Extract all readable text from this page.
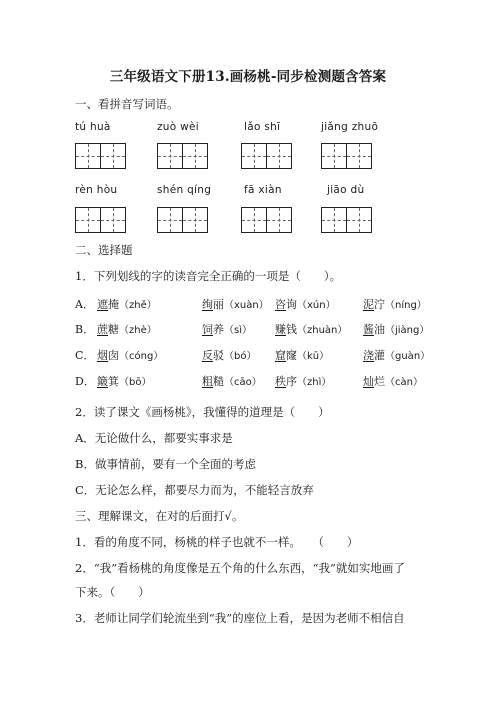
三年级语文下册13.画杨桃-同步检测题含答案
一、看拼音写词语。
tú huà	zuò wèi	lǎo shī	jiǎng zhuō
rèn hòu	shén qíng	fā xiàn	jiāo dù
二、选择题
1．下列划线的字的读音完全正确的一项是（　　）。
A． 遮掩（zhě）	绚丽（xuàn） 咨询（xún） 泥泞（níng）
B． 蔗糖（zhè）	饲养（sì） 赚钱（zhuàn） 酱油（jiàng）
C． 烟囱（cóng）	反驳（bó） 窟窿（kū）	浇灌（guàn）
D． 簸箕（bō）	粗糙（cāo） 秩序（zhì）	灿烂（càn）
2．读了课文《画杨桃》，我懂得的道理是（　　）
A．无论做什么，都要实事求是
B．做事情前，要有一个全面的考虑
C．无论怎么样，都要尽力而为，不能轻言放弃
三、理解课文，在对的后面打√。
1．看的角度不同，杨桃的样子也就不一样。　　（　　）
2．“我”看杨桃的角度像是五个角的什么东西，“我”就如实地画了
下来。（　　）
3．老师让同学们轮流坐到“我”的座位上看，是因为老师不相信自
